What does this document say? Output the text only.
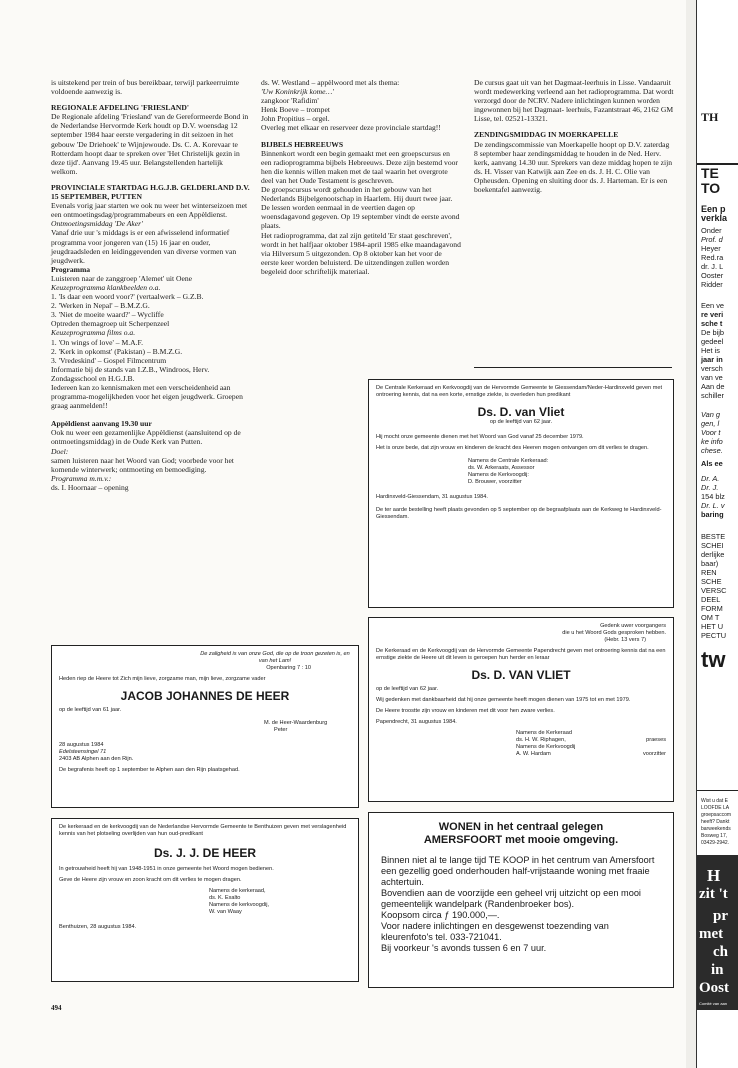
is uitstekend per trein of bus bereikbaar, terwijl parkeerruimte voldoende aanwezig is.

REGIONALE AFDELING 'FRIESLAND'

De Regionale afdeling 'Friesland' van de Gereformeerde Bond in de Nederlandse Hervormde Kerk houdt op D.V. woensdag 12 september 1984 haar eerste vergadering in dit seizoen in het gebouw 'De Driehoek' te Wijnjewoude. Ds. C. A. Korevaar te Rotterdam hoopt daar te spreken over 'Het Christelijk gezin in deze tijd'. Aanvang 19.45 uur. Belangstellenden hartelijk welkom.

PROVINCIALE STARTDAG H.G.J.B. GELDERLAND D.V. 15 SEPTEMBER, PUTTEN

Evenals vorig jaar starten we ook nu weer het winterseizoen met een ontmoetingsdag/programmabeurs en een Appèldienst.

Ontmoetingsmiddag 'De Aker'

Vanaf drie uur 's middags is er een afwisselend informatief programma voor jongeren van (15) 16 jaar en ouder, jeugdraadsleden en leidinggevenden van diverse vormen van jeugdwerk.

Programma

Luisteren naar de zanggroep 'Alemet' uit Oene

Keuzeprogramma klankbeelden o.a.

1. 'Is daar een woord voor?' (vertaalwerk – G.Z.B.

2. 'Werken in Nepal' – B.M.Z.G.

3. 'Niet de moeite waard?' – Wycliffe

Optreden themagroep uit Scherpenzeel

Keuzeprogramma films o.a.

1. 'On wings of love' – M.A.F.

2. 'Kerk in opkomst' (Pakistan) – B.M.Z.G.

3. 'Vredeskind' – Gospel Filmcentrum

Informatie bij de stands van I.Z.B., Windroos, Herv. Zondagsschool en H.G.J.B.

Iedereen kan zo kennismaken met een verscheidenheid aan programma-mogelijkheden voor het eigen jeugdwerk. Groepen graag aanmelden!!

Appèldienst aanvang 19.30 uur

Ook nu weer een gezamenlijke Appèldienst (aansluitend op de ontmoetingsmiddag) in de Oude Kerk van Putten.

Doel:

samen luisteren naar het Woord van God; voorbede voor het komende winterwerk; ontmoeting en bemoediging.

Programma m.m.v.:

ds. I. Hoornaar – opening

ds. W. Westland – appèlwoord met als thema:

'Uw Koninkrijk kome…'

zangkoor 'Rafidim'

Henk Boeve – trompet

John Propitius – orgel.

Overleg met elkaar en reserveer deze provinciale startdag!!

BIJBELS HEBREEUWS

Binnenkort wordt een begin gemaakt met een groepscursus en een radioprogramma bijbels Hebreeuws. Deze zijn bestemd voor hen die kennis willen maken met de taal waarin het overgrote deel van het Oude Testament is geschreven.

De groepscursus wordt gehouden in het gebouw van het Nederlands Bijbelgenootschap in Haarlem. Hij duurt twee jaar. De lessen worden eenmaal in de veertien dagen op woensdagavond gegeven. Op 19 september vindt de eerste avond plaats.

Het radioprogramma, dat zal zijn getiteld 'Er staat geschreven', wordt in het halfjaar oktober 1984-april 1985 elke maandagavond via Hilversum 5 uitgezonden. Op 8 oktober kan het voor de eerste keer worden beluisterd. De uitzendingen zullen worden begeleid door schriftelijk materiaal.

De cursus gaat uit van het Dagmaat-leerhuis in Lisse. Vandaaruit wordt medewerking verleend aan het radioprogramma. Dat wordt verzorgd door de NCRV. Nadere inlichtingen kunnen worden ingewonnen bij het Dagmaat- leerhuis, Fazantstraat 46, 2162 GM Lisse, tel. 02521-13321.

ZENDINGSMIDDAG IN MOERKAPELLE

De zendingscommissie van Moerkapelle hoopt op D.V. zaterdag 8 september haar zendingsmiddag te houden in de Ned. Herv. kerk, aanvang 14.30 uur. Sprekers van deze middag hopen te zijn ds. H. Visser van Katwijk aan Zee en ds. J. H. C. Olie van Opheusden. Opening en sluiting door ds. J. Harteman. Er is een boekentafel aanwezig.

De Centrale Kerkeraad en Kerkvoogdij van de Hervormde Gemeente te Giessendam/Neder-Hardinxveld geven met ontroering kennis, dat na een korte, ernstige ziekte, is overleden hun predikant

Ds. D. van Vliet

op de leeftijd van 62 jaar.

Hij mocht onze gemeente dienen met het Woord van God vanaf 25 december 1979.

Het is onze bede, dat zijn vrouw en kinderen de kracht des Heeren mogen ontvangen om dit verlies te dragen.

Namens de Centrale Kerkeraad:

ds. W. Arkeraats, Assessor

Namens de Kerkvoogdij:

D. Brouwer, voorzitter

Hardinxveld-Giessendam, 31 augustus 1984.

De ter aarde bestelling heeft plaats gevonden op 5 september op de begraafplaats aan de Kerkweg te Hardinxveld-Giessendam.

Gedenk uwer voorgangers

die u het Woord Gods gesproken hebben.

(Hebr. 13 vers 7)

De Kerkeraad en de Kerkvoogdij van de Hervormde Gemeente Papendrecht geven met ontroering kennis dat na een ernstige ziekte de Heere uit dit leven is geroepen hun herder en leraar

Ds. D. VAN VLIET

op de leeftijd van 62 jaar.

Wij gedenken met dankbaarheid dat hij onze gemeente heeft mogen dienen van 1975 tot en met 1979.

De Heere troostte zijn vrouw en kinderen met dit voor hen zware verlies.

Papendrecht, 31 augustus 1984.

Namens de Kerkeraad

ds. H. W. Riphagen,	praeses

Namens de Kerkvoogdij

A. W. Hardam	voorzitter

De zaligheid is van onze God, die op de troon gezeten is, en van het Lam!

Openbaring 7 : 10

Heden riep de Heere tot Zich mijn lieve, zorgzame man, mijn lieve, zorgzame vader

JACOB JOHANNES DE HEER

op de leeftijd van 61 jaar.

M. de Heer-Waardenburg

Peter

28 augustus 1984

Edelsteensingel 71

2403 AB Alphen aan den Rijn.

De begrafenis heeft op 1 september te Alphen aan den Rijn plaatsgehad.

De kerkeraad en de kerkvoogdij van de Nederlandse Hervormde Gemeente te Benthuizen geven met verslagenheid kennis van het plotseling overlijden van hun oud-predikant

Ds. J. J. DE HEER

In getrouwheid heeft hij van 1948-1951 in onze gemeente het Woord mogen bedienen.

Geve de Heere zijn vrouw en zoon kracht om dit verlies te mogen dragen.

Namens de kerkeraad,

ds. K. Exalto

Namens de kerkvoogdij,

W. van Waay

Benthuizen, 28 augustus 1984.

WONEN in het centraal gelegen
AMERSFOORT met mooie omgeving.

Binnen niet al te lange tijd TE KOOP in het centrum van Amersfoort een gezellig goed onderhouden half-vrijstaande woning met fraaie achtertuin.

Bovendien aan de voorzijde een geheel vrij uitzicht op een mooi gemeentelijk wandelpark (Randenbroeker bos).

Koopsom circa ƒ 190.000,—.

Voor nadere inlichtingen en desgewenst toezending van kleurenfoto's tel. 033-721041.

Bij voorkeur 's avonds tussen 6 en 7 uur.

494
TH
TE
TO
Een p
verkla
Onder
Prof. d
Heyer
Red.ra
dr. J. L
Ooster
Ridder
Een ve
re veri
sche t
De bijb
gedeel
Het is
jaar in
versch
van ve
Aan de
schiller
Van g
gen, l
Voor t
ke info
chese.
Als ee
Dr. A.
Dr. J.
154 blz
Dr. L. v
baring
BESTE
SCHEI
derlijke
baar)
REN
SCHE
VERSC
DEEL
FORM
OM T
HET U
PECTU
tw
Wist u dat E
LOOFDE LA
groepsaccom
heeft? Dankt
barweekends
Bosweg 17,
03429-2942.
H
zit 't
pr
met
ch
in
Oost
Comité van aan
